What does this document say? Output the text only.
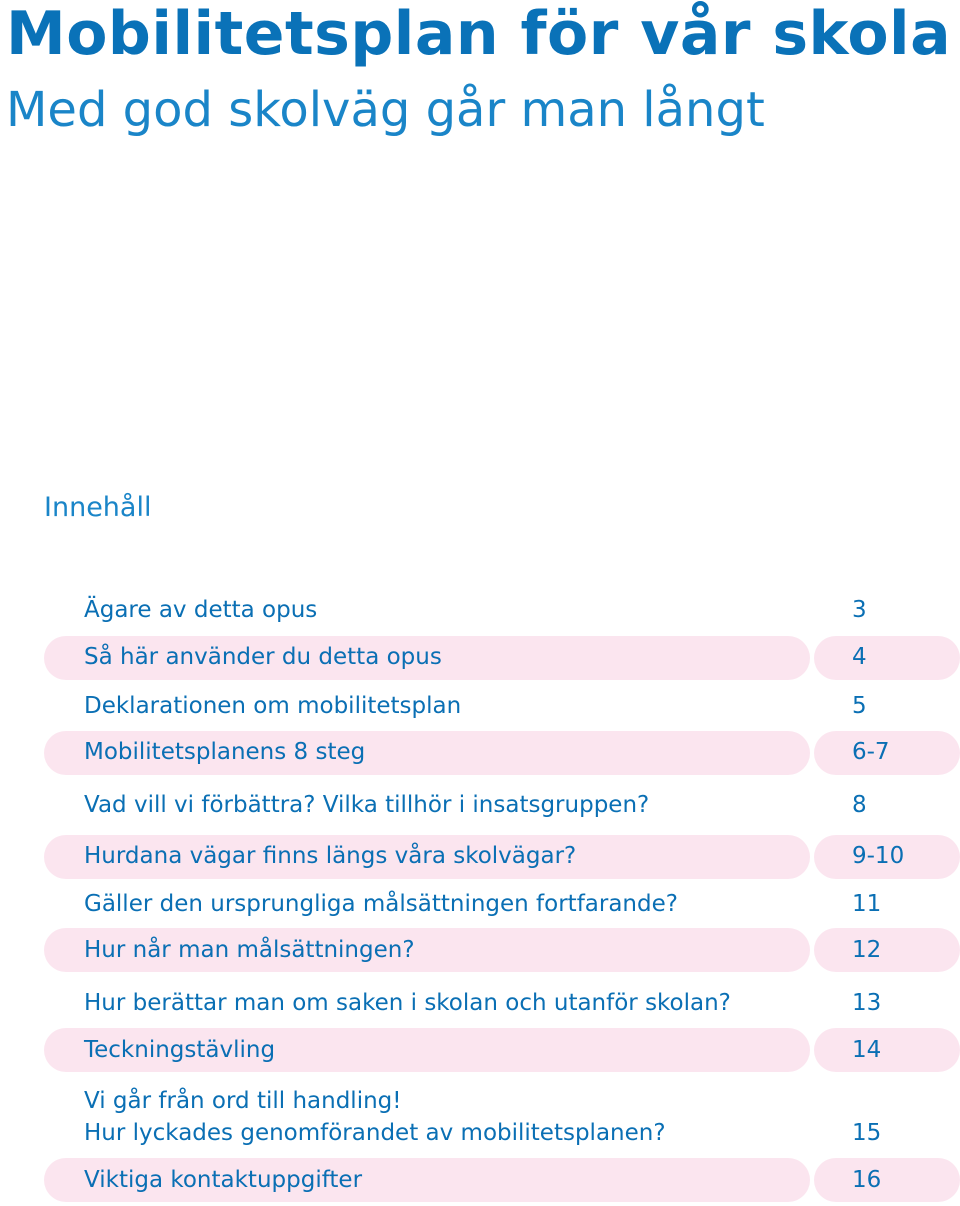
Mobilitetsplan för vår skola
Med god skolväg går man långt
Innehåll
Ägare av detta opus	3
Så här använder du detta opus	4
Deklarationen om mobilitetsplan	5
Mobilitetsplanens 8 steg	6-7
Vad vill vi förbättra? Vilka tillhör i insatsgruppen?	8
Hurdana vägar finns längs våra skolvägar?	9-10
Gäller den ursprungliga målsättningen fortfarande?	11
Hur når man målsättningen?	12
Hur berättar man om saken i skolan och utanför skolan?	13
Teckningstävling	14
Vi går från ord till handling!
Hur lyckades genomförandet av mobilitetsplanen?	15
Viktiga kontaktuppgifter	16
